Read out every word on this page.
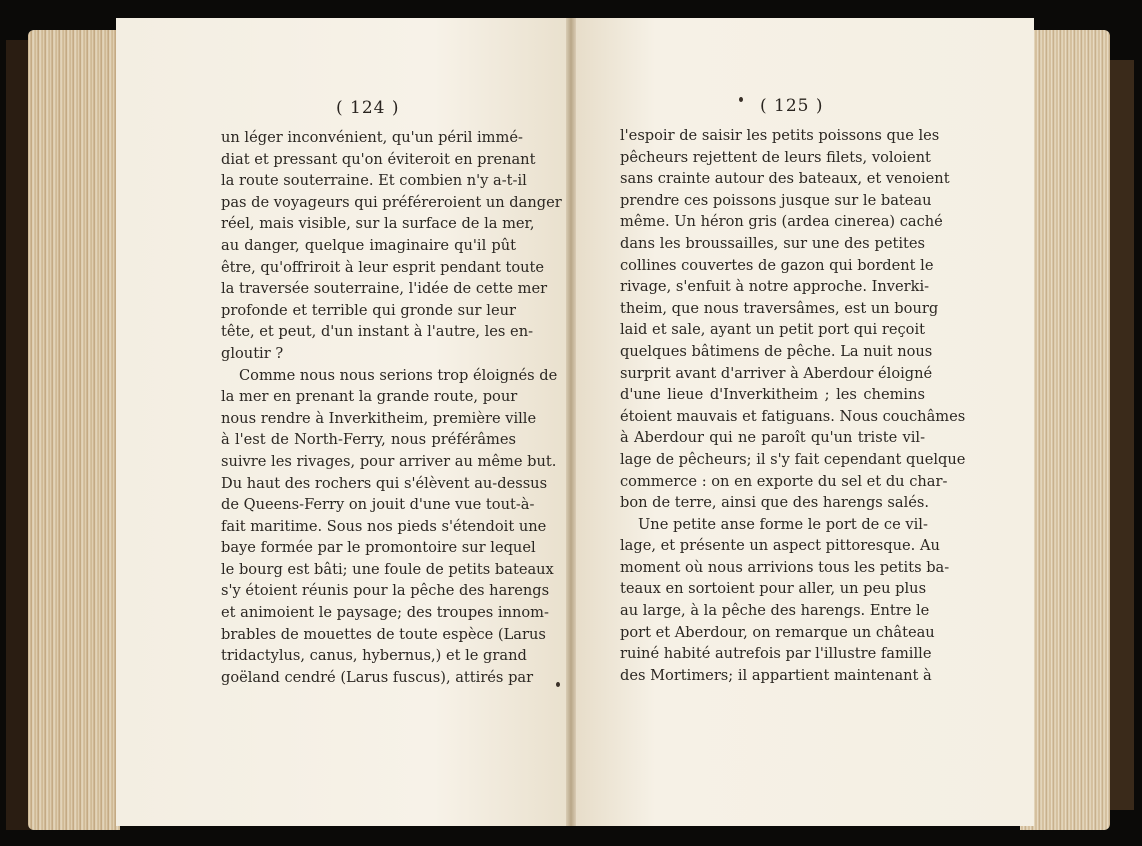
( 124 )	( 125 )
un léger inconvénient, qu'un péril immé-
diat et pressant qu'on éviteroit en prenant
la route souterraine. Et combien n'y a-t-il
pas de voyageurs qui préféreroient un danger
réel, mais visible, sur la surface de la mer,
au danger, quelque imaginaire qu'il pût
être, qu'offriroit à leur esprit pendant toute
la traversée souterraine, l'idée de cette mer
profonde et terrible qui gronde sur leur
tête, et peut, d'un instant à l'autre, les en-
gloutir ?
Comme nous nous serions trop éloignés de
la mer en prenant la grande route, pour
nous rendre à Inverkitheim, première ville
à l'est de North-Ferry, nous préférâmes
suivre les rivages, pour arriver au même but.
Du haut des rochers qui s'élèvent au-dessus
de Queens-Ferry on jouit d'une vue tout-à-
fait maritime. Sous nos pieds s'étendoit une
baye formée par le promontoire sur lequel
le bourg est bâti; une foule de petits bateaux
s'y étoient réunis pour la pêche des harengs
et animoient le paysage; des troupes innom-
brables de mouettes de toute espèce (Larus
tridactylus, canus, hybernus,) et le grand
goëland cendré (Larus fuscus), attirés par
l'espoir de saisir les petits poissons que les
pêcheurs rejettent de leurs filets, voloient
sans crainte autour des bateaux, et venoient
prendre ces poissons jusque sur le bateau
même. Un héron gris (ardea cinerea) caché
dans les broussailles, sur une des petites
collines couvertes de gazon qui bordent le
rivage, s'enfuit à notre approche. Inverki-
theim, que nous traversâmes, est un bourg
laid et sale, ayant un petit port qui reçoit
quelques bâtimens de pêche. La nuit nous
surprit avant d'arriver à Aberdour éloigné
d'une lieue d'Inverkitheim ; les chemins
étoient mauvais et fatiguans. Nous couchâmes
à Aberdour qui ne paroît qu'un triste vil-
lage de pêcheurs; il s'y fait cependant quelque
commerce : on en exporte du sel et du char-
bon de terre, ainsi que des harengs salés.
Une petite anse forme le port de ce vil-
lage, et présente un aspect pittoresque. Au
moment où nous arrivions tous les petits ba-
teaux en sortoient pour aller, un peu plus
au large, à la pêche des harengs. Entre le
port et Aberdour, on remarque un château
ruiné habité autrefois par l'illustre famille
des Mortimers; il appartient maintenant à
